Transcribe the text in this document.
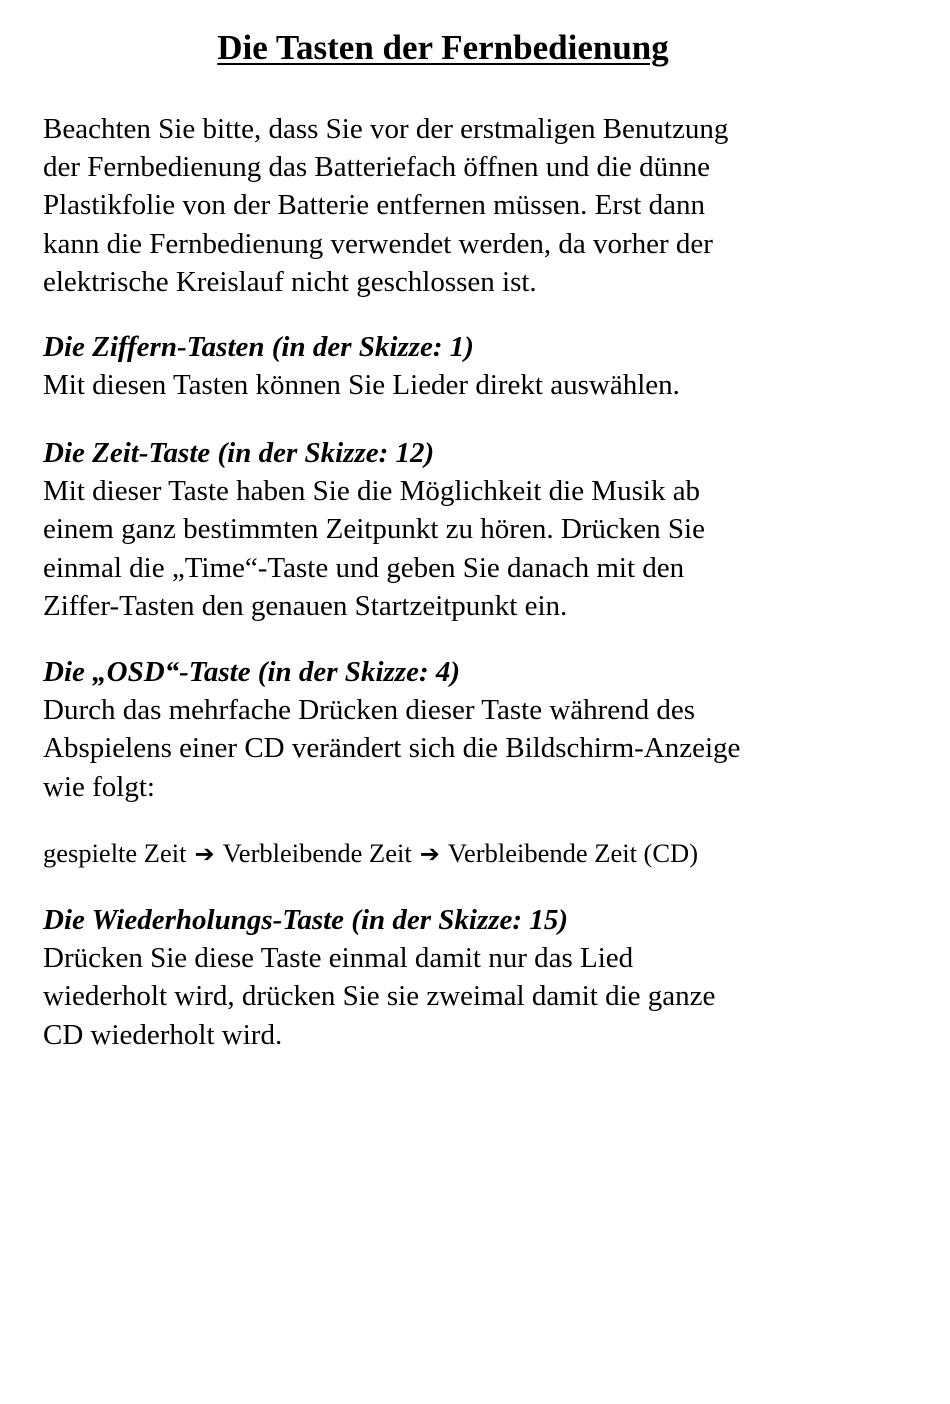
Die Tasten der Fernbedienung

Beachten Sie bitte, dass Sie vor der erstmaligen Benutzung
der Fernbedienung das Batteriefach öffnen und die dünne
Plastikfolie von der Batterie entfernen müssen. Erst dann
kann die Fernbedienung verwendet werden, da vorher der
elektrische Kreislauf nicht geschlossen ist.

Die Ziffern-Tasten (in der Skizze: 1)
Mit diesen Tasten können Sie Lieder direkt auswählen.
Die Zeit-Taste (in der Skizze: 12)
Mit dieser Taste haben Sie die Möglichkeit die Musik ab
einem ganz bestimmten Zeitpunkt zu hören. Drücken Sie
einmal die „Time“-Taste und geben Sie danach mit den
Ziffer-Tasten den genauen Startzeitpunkt ein.
Die „OSD“-Taste (in der Skizze: 4)
Durch das mehrfache Drücken dieser Taste während des
Abspielens einer CD verändert sich die Bildschirm-Anzeige
wie folgt:
gespielte Zeit ➔ Verbleibende Zeit ➔ Verbleibende Zeit (CD)
Die Wiederholungs-Taste (in der Skizze: 15)
Drücken Sie diese Taste einmal damit nur das Lied
wiederholt wird, drücken Sie sie zweimal damit die ganze
CD wiederholt wird.
